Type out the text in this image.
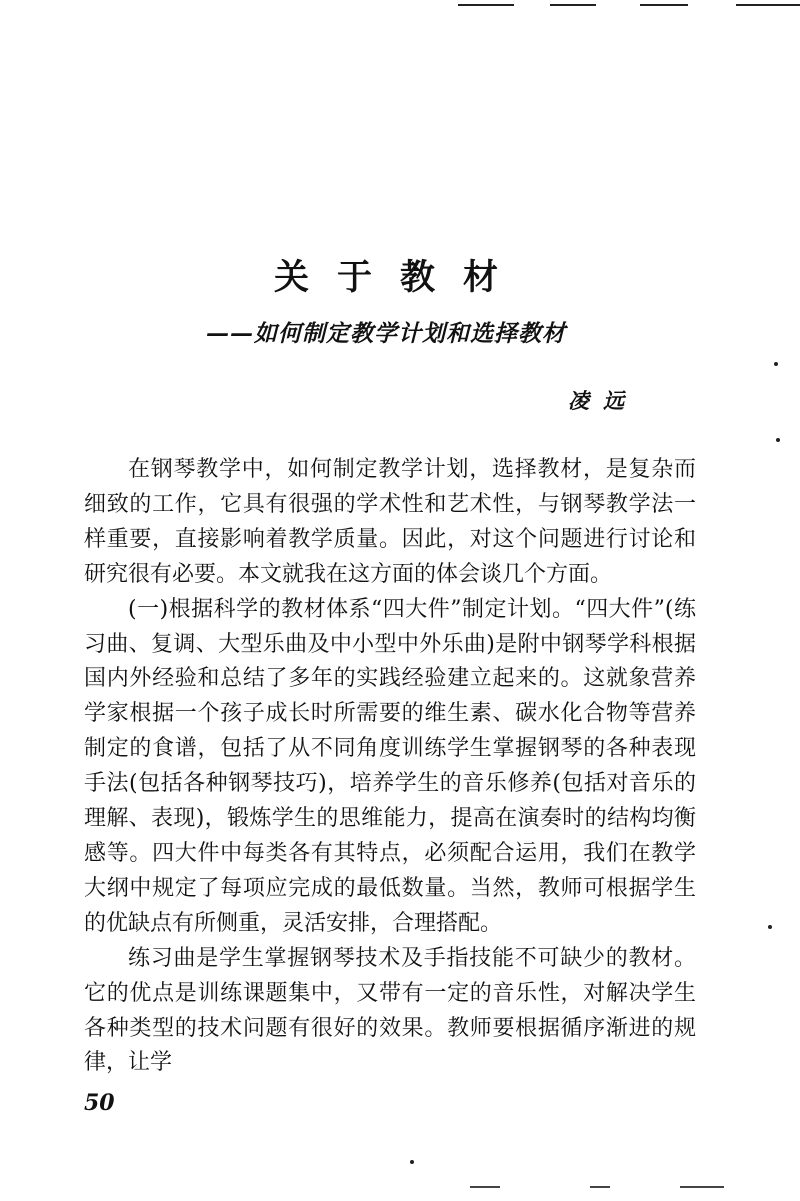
关于教材
——如何制定教学计划和选择教材
凌远

在钢琴教学中，如何制定教学计划，选择教材，是复杂而细致的工作，它具有很强的学术性和艺术性，与钢琴教学法一样重要，直接影响着教学质量。因此，对这个问题进行讨论和研究很有必要。本文就我在这方面的体会谈几个方面。

(一)根据科学的教材体系“四大件”制定计划。“四大件”(练习曲、复调、大型乐曲及中小型中外乐曲)是附中钢琴学科根据国内外经验和总结了多年的实践经验建立起来的。这就象营养学家根据一个孩子成长时所需要的维生素、碳水化合物等营养制定的食谱，包括了从不同角度训练学生掌握钢琴的各种表现手法(包括各种钢琴技巧)，培养学生的音乐修养(包括对音乐的理解、表现)，锻炼学生的思维能力，提高在演奏时的结构均衡感等。四大件中每类各有其特点，必须配合运用，我们在教学大纲中规定了每项应完成的最低数量。当然，教师可根据学生的优缺点有所侧重，灵活安排，合理搭配。

练习曲是学生掌握钢琴技术及手指技能不可缺少的教材。它的优点是训练课题集中，又带有一定的音乐性，对解决学生各种类型的技术问题有很好的效果。教师要根据循序渐进的规律，让学

50
